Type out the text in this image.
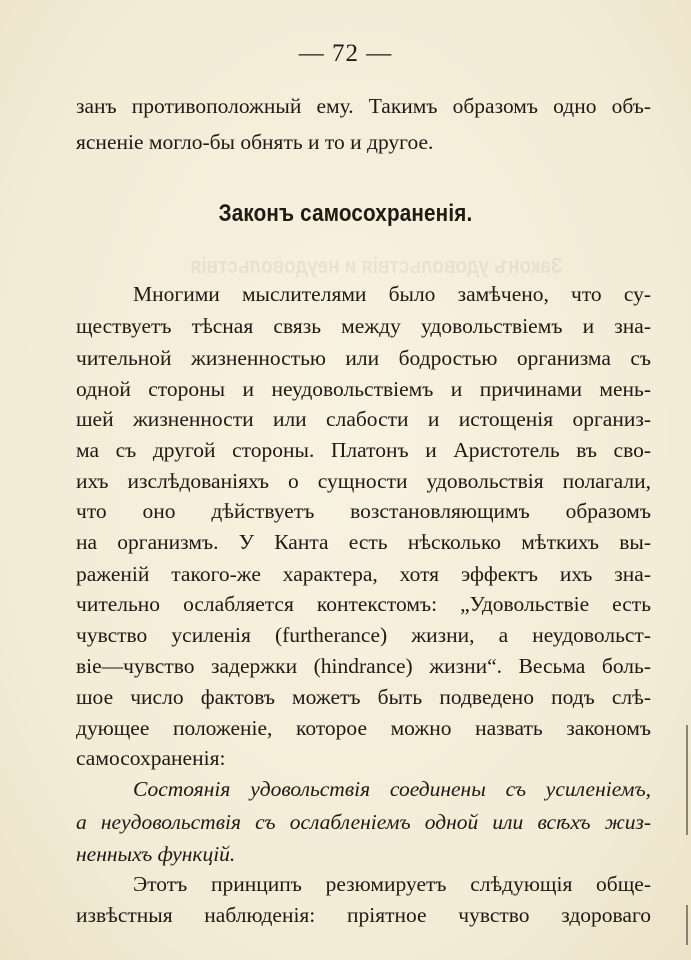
— 72 —
занъ противоположный ему. Такимъ образомъ одно объ-
ясненіе могло-бы обнять и то и другое.
Законъ самосохраненія.
Законъ удовольствія и неудовольствія
Многими мыслителями было замѣчено, что су-
ществуетъ тѣсная связь между удовольствіемъ и зна-
чительной жизненностью или бодростью организма съ
одной стороны и неудовольствіемъ и причинами мень-
шей жизненности или слабости и истощенія организ-
ма съ другой стороны. Платонъ и Аристотель въ сво-
ихъ изслѣдованіяхъ о сущности удовольствія полагали,
что оно дѣйствуетъ возстановляющимъ образомъ
на организмъ. У Канта есть нѣсколько мѣткихъ вы-
раженій такого-же характера, хотя эффектъ ихъ зна-
чительно ослабляется контекстомъ: „Удовольствіе есть
чувство усиленія (furtherance) жизни, а неудовольст-
віе—чувство задержки (hindrance) жизни“. Весьма боль-
шое число фактовъ можетъ быть подведено подъ слѣ-
дующее положеніе, которое можно назвать закономъ
самосохраненія:
Состоянія удовольствія соединены съ усиленіемъ,
а неудовольствія съ ослабленіемъ одной или всѣхъ жиз-
ненныхъ функцій.
Этотъ принципъ резюмируетъ слѣдующія обще-
извѣстныя наблюденія: пріятное чувство здороваго
